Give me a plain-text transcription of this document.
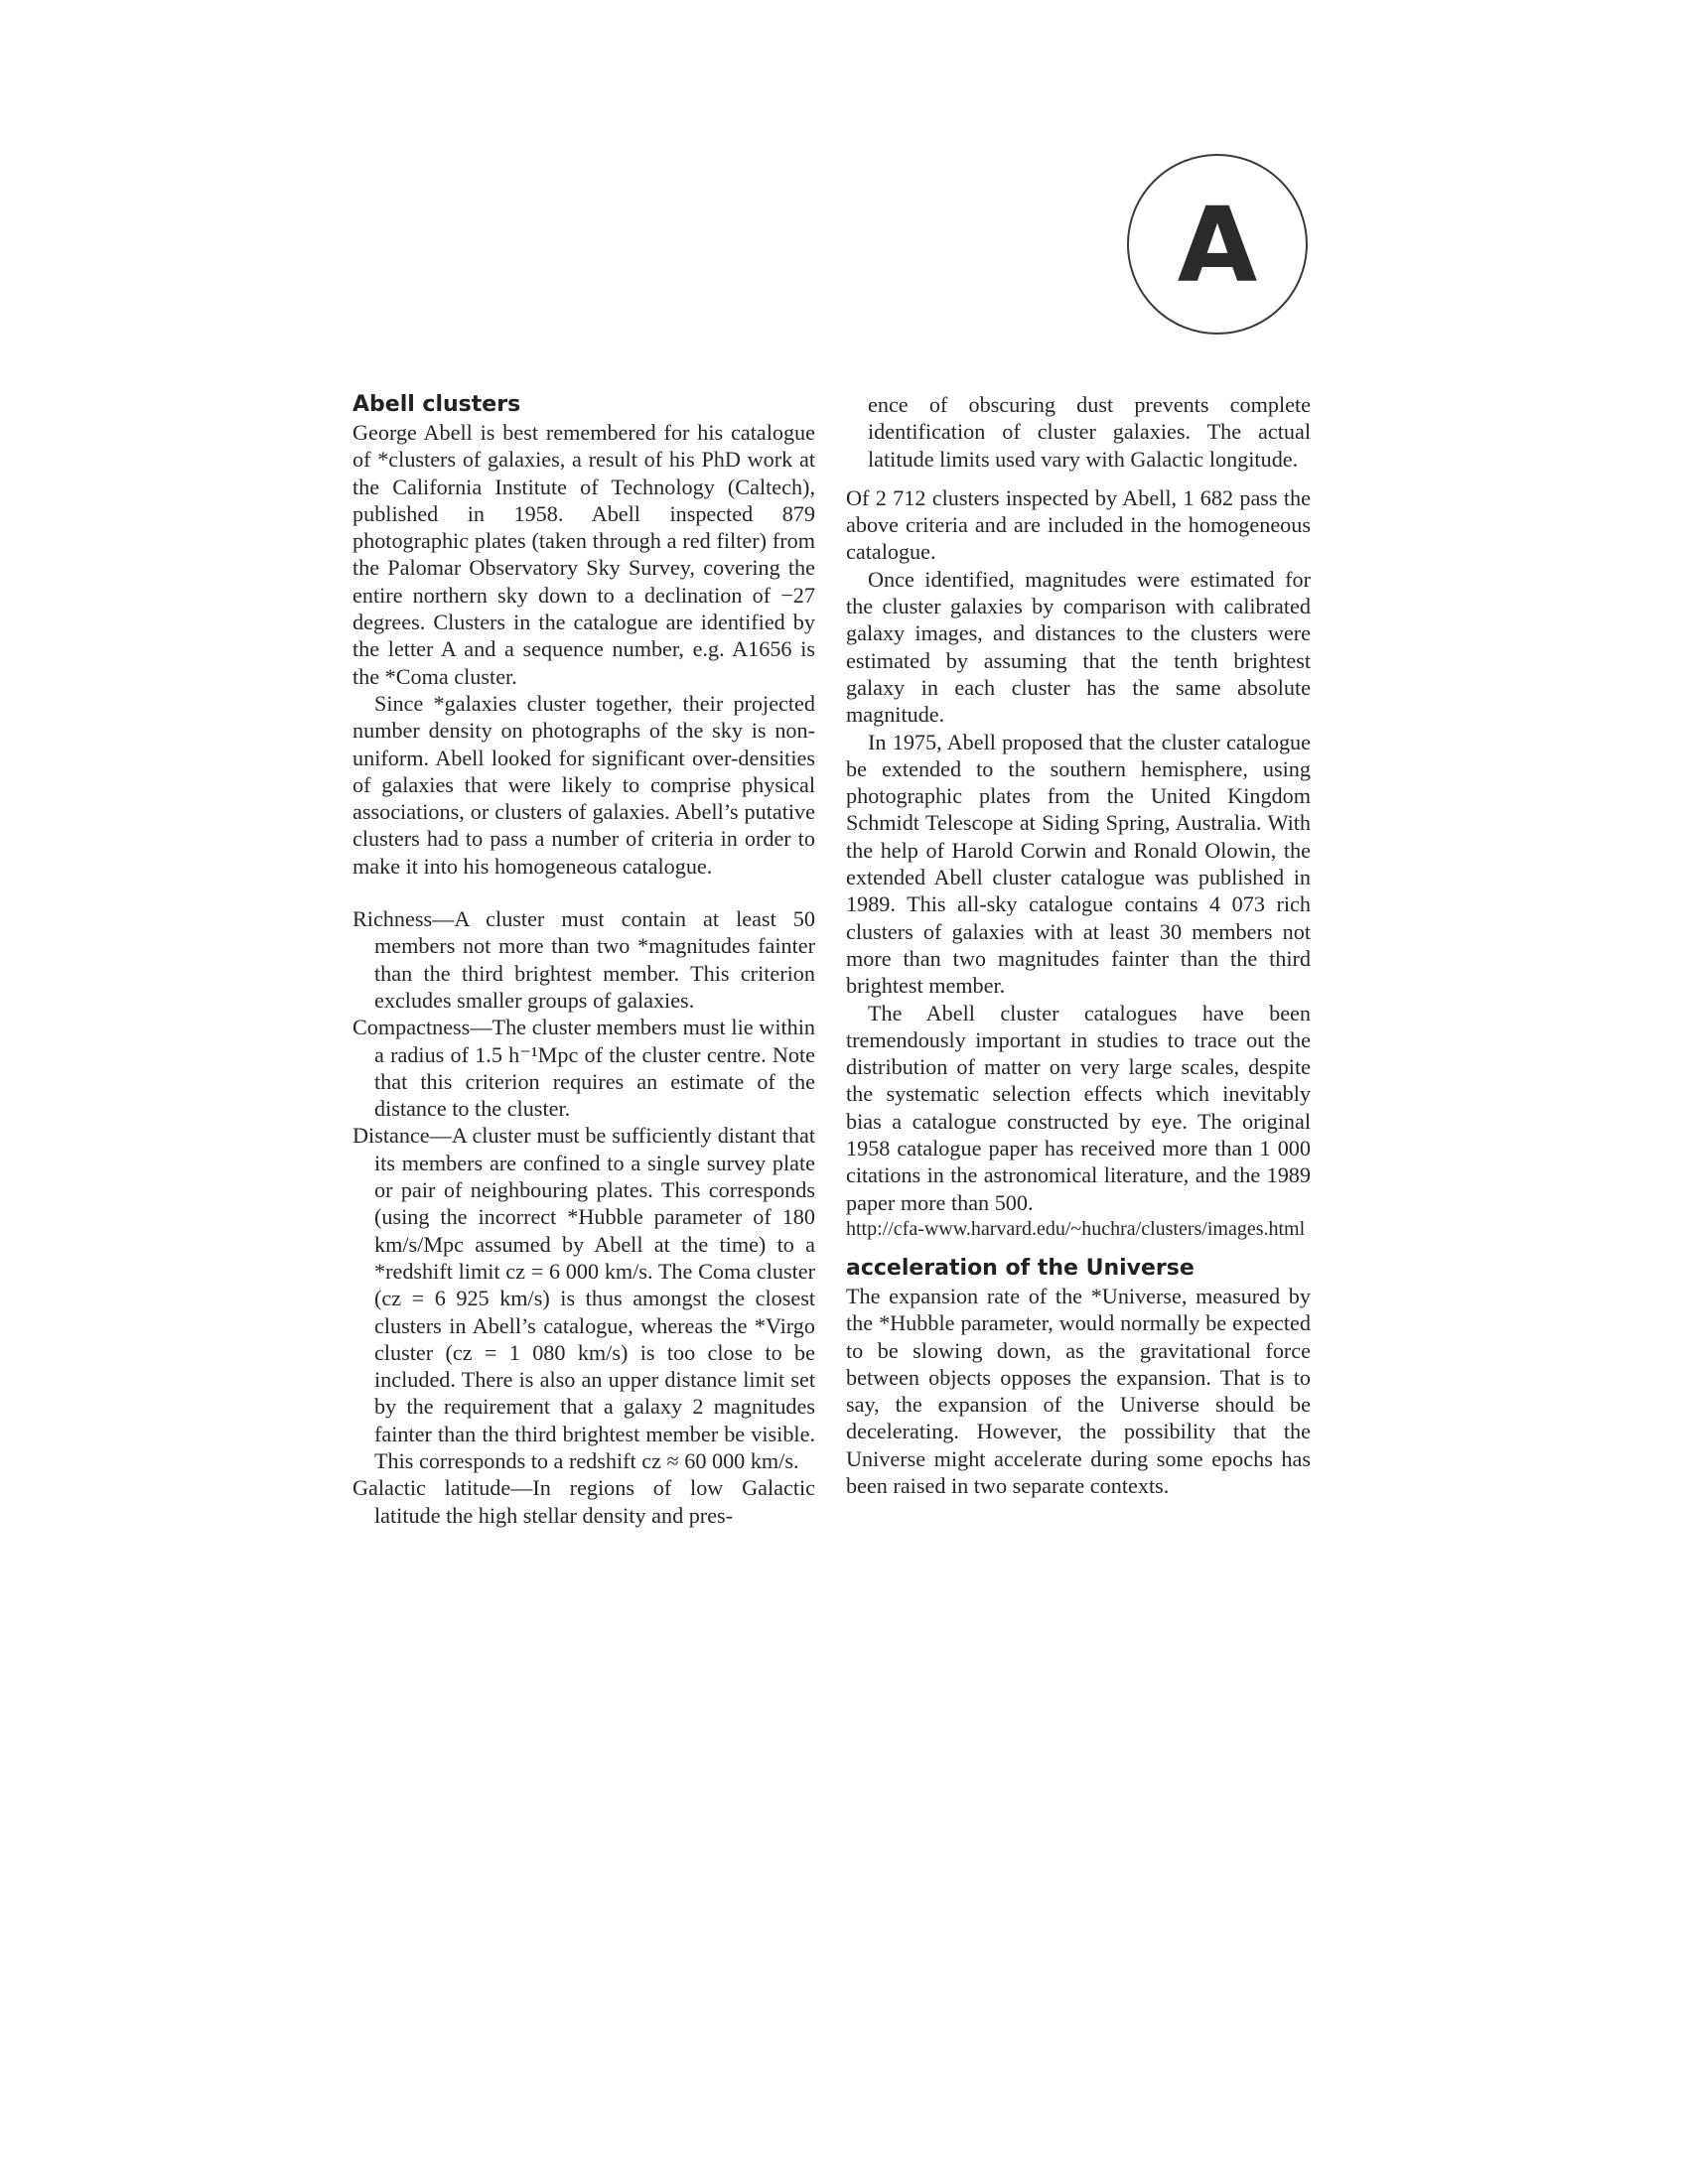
A
Abell clusters

George Abell is best remembered for his catalogue of *clusters of galaxies, a result of his PhD work at the California Institute of Technology (Caltech), published in 1958. Abell inspected 879 photographic plates (taken through a red filter) from the Palomar Observatory Sky Survey, covering the entire northern sky down to a declination of −27 degrees. Clusters in the catalogue are identified by the letter A and a sequence number, e.g. A1656 is the *Coma cluster.

Since *galaxies cluster together, their projected number density on photographs of the sky is non-uniform. Abell looked for significant over-densities of galaxies that were likely to comprise physical associations, or clusters of galaxies. Abell’s putative clusters had to pass a number of criteria in order to make it into his homogeneous catalogue.

Richness—A cluster must contain at least 50 members not more than two *magnitudes fainter than the third brightest member. This criterion excludes smaller groups of galaxies.

Compactness—The cluster members must lie within a radius of 1.5 h⁻¹Mpc of the cluster centre. Note that this criterion requires an estimate of the distance to the cluster.

Distance—A cluster must be sufficiently distant that its members are confined to a single survey plate or pair of neighbouring plates. This corresponds (using the incorrect *Hubble parameter of 180 km/s/Mpc assumed by Abell at the time) to a *redshift limit cz = 6 000 km/s. The Coma cluster (cz = 6 925 km/s) is thus amongst the closest clusters in Abell’s catalogue, whereas the *Virgo cluster (cz = 1 080 km/s) is too close to be included. There is also an upper distance limit set by the requirement that a galaxy 2 magnitudes fainter than the third brightest member be visible. This corresponds to a redshift cz ≈ 60 000 km/s.

Galactic latitude—In regions of low Galactic latitude the high stellar density and pres-

ence of obscuring dust prevents complete identification of cluster galaxies. The actual latitude limits used vary with Galactic longitude.

Of 2 712 clusters inspected by Abell, 1 682 pass the above criteria and are included in the homogeneous catalogue.

Once identified, magnitudes were estimated for the cluster galaxies by comparison with calibrated galaxy images, and distances to the clusters were estimated by assuming that the tenth brightest galaxy in each cluster has the same absolute magnitude.

In 1975, Abell proposed that the cluster catalogue be extended to the southern hemisphere, using photographic plates from the United Kingdom Schmidt Telescope at Siding Spring, Australia. With the help of Harold Corwin and Ronald Olowin, the extended Abell cluster catalogue was published in 1989. This all-sky catalogue contains 4 073 rich clusters of galaxies with at least 30 members not more than two magnitudes fainter than the third brightest member.

The Abell cluster catalogues have been tremendously important in studies to trace out the distribution of matter on very large scales, despite the systematic selection effects which inevitably bias a catalogue constructed by eye. The original 1958 catalogue paper has received more than 1 000 citations in the astronomical literature, and the 1989 paper more than 500.

http://cfa-www.harvard.edu/~huchra/clusters/images.html

acceleration of the Universe

The expansion rate of the *Universe, measured by the *Hubble parameter, would normally be expected to be slowing down, as the gravitational force between objects opposes the expansion. That is to say, the expansion of the Universe should be decelerating. However, the possibility that the Universe might accelerate during some epochs has been raised in two separate contexts.
